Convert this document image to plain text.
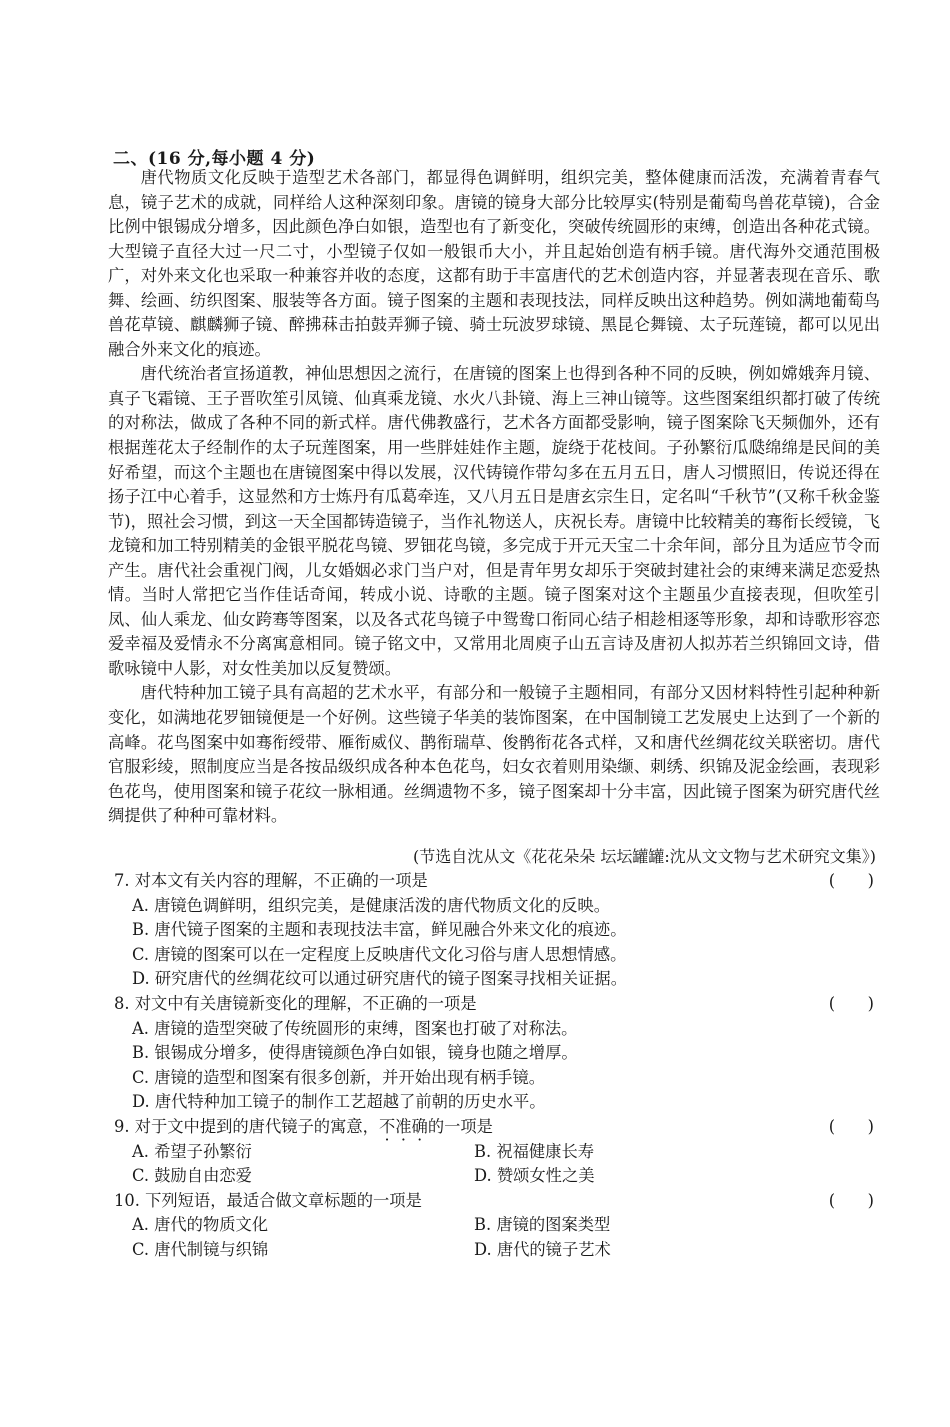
二、(16 分,每小题 4 分)

唐代物质文化反映于造型艺术各部门，都显得色调鲜明，组织完美，整体健康而活泼，充满着青春气息，镜子艺术的成就，同样给人这种深刻印象。唐镜的镜身大部分比较厚实(特别是葡萄鸟兽花草镜)，合金比例中银锡成分增多，因此颜色净白如银，造型也有了新变化，突破传统圆形的束缚，创造出各种花式镜。大型镜子直径大过一尺二寸，小型镜子仅如一般银币大小，并且起始创造有柄手镜。唐代海外交通范围极广，对外来文化也采取一种兼容并收的态度，这都有助于丰富唐代的艺术创造内容，并显著表现在音乐、歌舞、绘画、纺织图案、服装等各方面。镜子图案的主题和表现技法，同样反映出这种趋势。例如满地葡萄鸟兽花草镜、麒麟狮子镜、醉拂菻击拍鼓弄狮子镜、骑士玩波罗球镜、黑昆仑舞镜、太子玩莲镜，都可以见出融合外来文化的痕迹。

唐代统治者宣扬道教，神仙思想因之流行，在唐镜的图案上也得到各种不同的反映，例如嫦娥奔月镜、真子飞霜镜、王子晋吹笙引凤镜、仙真乘龙镜、水火八卦镜、海上三神山镜等。这些图案组织都打破了传统的对称法，做成了各种不同的新式样。唐代佛教盛行，艺术各方面都受影响，镜子图案除飞天频伽外，还有根据莲花太子经制作的太子玩莲图案，用一些胖娃娃作主题，旋绕于花枝间。子孙繁衍瓜瓞绵绵是民间的美好希望，而这个主题也在唐镜图案中得以发展，汉代铸镜作带勾多在五月五日，唐人习惯照旧，传说还得在扬子江中心着手，这显然和方士炼丹有瓜葛牵连，又八月五日是唐玄宗生日，定名叫“千秋节”(又称千秋金鉴节)，照社会习惯，到这一天全国都铸造镜子，当作礼物送人，庆祝长寿。唐镜中比较精美的骞衔长绶镜，飞龙镜和加工特别精美的金银平脱花鸟镜、罗钿花鸟镜，多完成于开元天宝二十余年间，部分且为适应节令而产生。唐代社会重视门阀，儿女婚姻必求门当户对，但是青年男女却乐于突破封建社会的束缚来满足恋爱热情。当时人常把它当作佳话奇闻，转成小说、诗歌的主题。镜子图案对这个主题虽少直接表现，但吹笙引凤、仙人乘龙、仙女跨骞等图案，以及各式花鸟镜子中鸳鸯口衔同心结子相趁相逐等形象，却和诗歌形容恋爱幸福及爱情永不分离寓意相同。镜子铭文中，又常用北周庾子山五言诗及唐初人拟苏若兰织锦回文诗，借歌咏镜中人影，对女性美加以反复赞颂。

唐代特种加工镜子具有高超的艺术水平，有部分和一般镜子主题相同，有部分又因材料特性引起种种新变化，如满地花罗钿镜便是一个好例。这些镜子华美的装饰图案，在中国制镜工艺发展史上达到了一个新的高峰。花鸟图案中如骞衔绶带、雁衔威仪、鹊衔瑞草、俊鹘衔花各式样，又和唐代丝绸花纹关联密切。唐代官服彩绫，照制度应当是各按品级织成各种本色花鸟，妇女衣着则用染缬、刺绣、织锦及泥金绘画，表现彩色花鸟，使用图案和镜子花纹一脉相通。丝绸遗物不多，镜子图案却十分丰富，因此镜子图案为研究唐代丝绸提供了种种可靠材料。

(节选自沈从文《花花朵朵 坛坛罐罐:沈从文文物与艺术研究文集》)
7. 对本文有关内容的理解，不正确的一项是	(　　)
A. 唐镜色调鲜明，组织完美，是健康活泼的唐代物质文化的反映。
B. 唐代镜子图案的主题和表现技法丰富，鲜见融合外来文化的痕迹。
C. 唐镜的图案可以在一定程度上反映唐代文化习俗与唐人思想情感。
D. 研究唐代的丝绸花纹可以通过研究唐代的镜子图案寻找相关证据。
8. 对文中有关唐镜新变化的理解，不正确的一项是	(　　)
A. 唐镜的造型突破了传统圆形的束缚，图案也打破了对称法。
B. 银锡成分增多，使得唐镜颜色净白如银，镜身也随之增厚。
C. 唐镜的造型和图案有很多创新，并开始出现有柄手镜。
D. 唐代特种加工镜子的制作工艺超越了前朝的历史水平。
9. 对于文中提到的唐代镜子的寓意，不准确的一项是	(　　)
A. 希望子孙繁衍	B. 祝福健康长寿
C. 鼓励自由恋爱	D. 赞颂女性之美
10. 下列短语，最适合做文章标题的一项是	(　　)
A. 唐代的物质文化	B. 唐镜的图案类型
C. 唐代制镜与织锦	D. 唐代的镜子艺术
